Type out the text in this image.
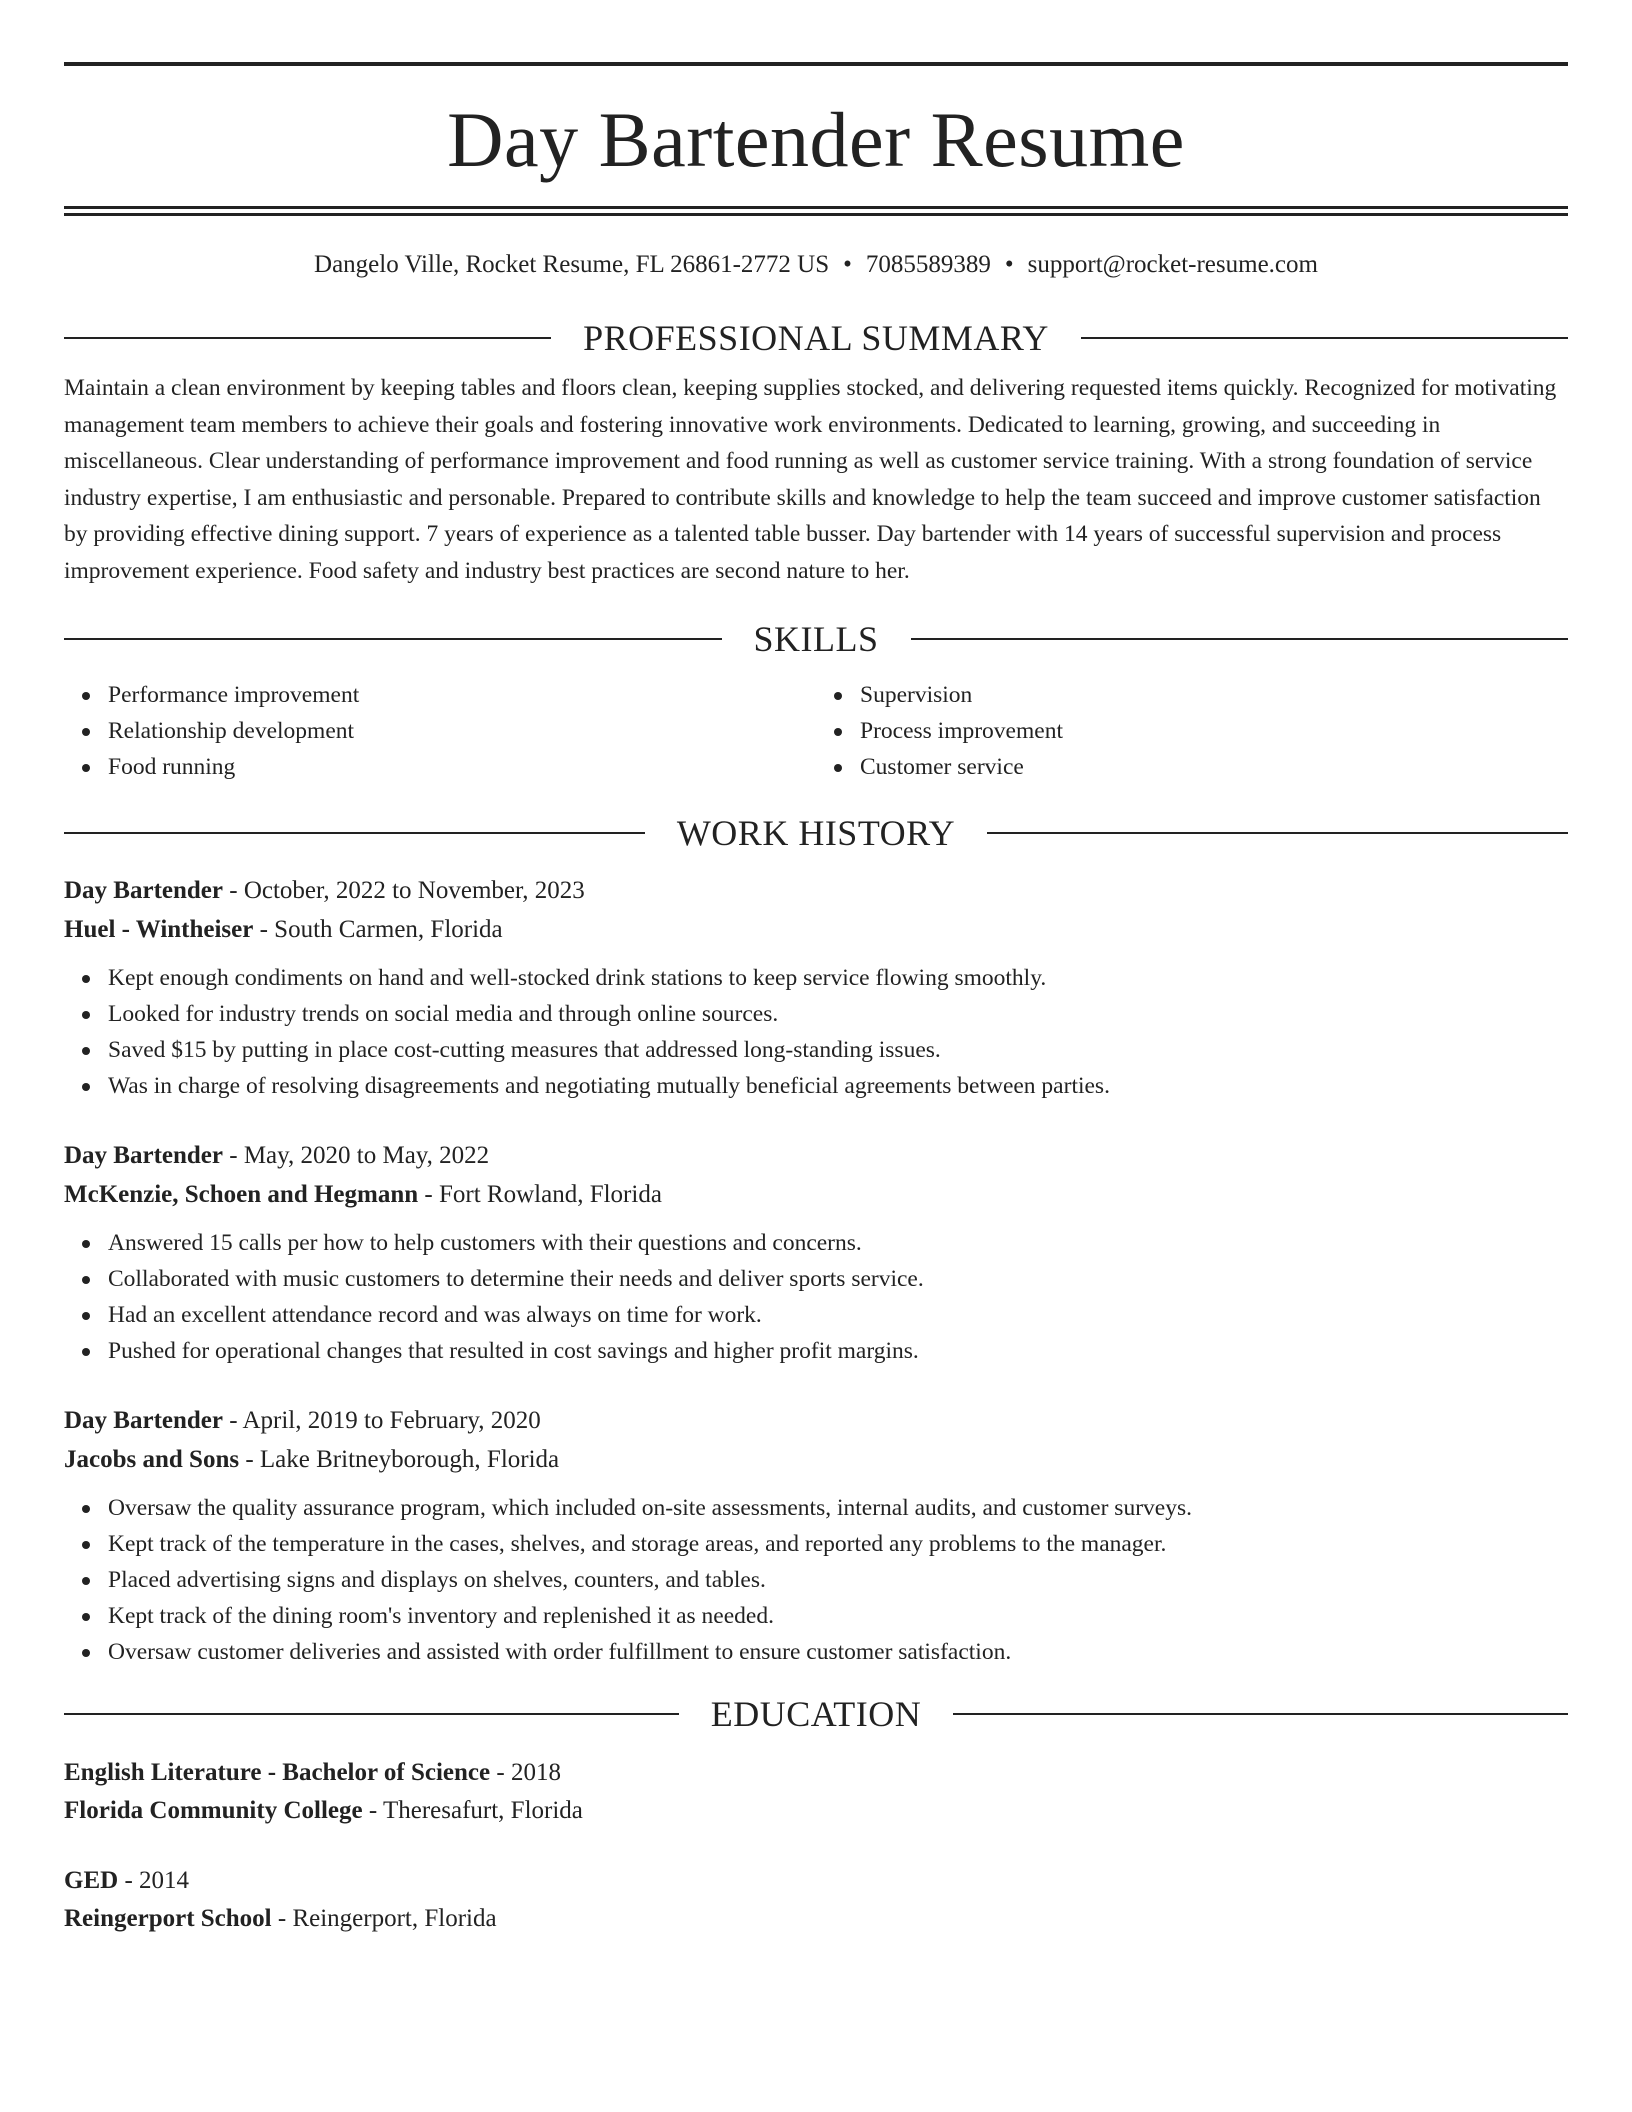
Day Bartender Resume
Dangelo Ville, Rocket Resume, FL 26861-2772 US • 7085589389 • support@rocket-resume.com
PROFESSIONAL SUMMARY

Maintain a clean environment by keeping tables and floors clean, keeping supplies stocked, and delivering requested items quickly. Recognized for motivating management team members to achieve their goals and fostering innovative work environments. Dedicated to learning, growing, and succeeding in miscellaneous. Clear understanding of performance improvement and food running as well as customer service training. With a strong foundation of service industry expertise, I am enthusiastic and personable. Prepared to contribute skills and knowledge to help the team succeed and improve customer satisfaction by providing effective dining support. 7 years of experience as a talented table busser. Day bartender with 14 years of successful supervision and process improvement experience. Food safety and industry best practices are second nature to her.

SKILLS
Performance improvement
Relationship development
Food running
Supervision
Process improvement
Customer service
WORK HISTORY
Day Bartender - October, 2022 to November, 2023
Huel - Wintheiser - South Carmen, Florida
Kept enough condiments on hand and well-stocked drink stations to keep service flowing smoothly.
Looked for industry trends on social media and through online sources.
Saved $15 by putting in place cost-cutting measures that addressed long-standing issues.
Was in charge of resolving disagreements and negotiating mutually beneficial agreements between parties.
Day Bartender - May, 2020 to May, 2022
McKenzie, Schoen and Hegmann - Fort Rowland, Florida
Answered 15 calls per how to help customers with their questions and concerns.
Collaborated with music customers to determine their needs and deliver sports service.
Had an excellent attendance record and was always on time for work.
Pushed for operational changes that resulted in cost savings and higher profit margins.
Day Bartender - April, 2019 to February, 2020
Jacobs and Sons - Lake Britneyborough, Florida
Oversaw the quality assurance program, which included on-site assessments, internal audits, and customer surveys.
Kept track of the temperature in the cases, shelves, and storage areas, and reported any problems to the manager.
Placed advertising signs and displays on shelves, counters, and tables.
Kept track of the dining room's inventory and replenished it as needed.
Oversaw customer deliveries and assisted with order fulfillment to ensure customer satisfaction.
EDUCATION
English Literature - Bachelor of Science - 2018
Florida Community College - Theresafurt, Florida
GED - 2014
Reingerport School - Reingerport, Florida
